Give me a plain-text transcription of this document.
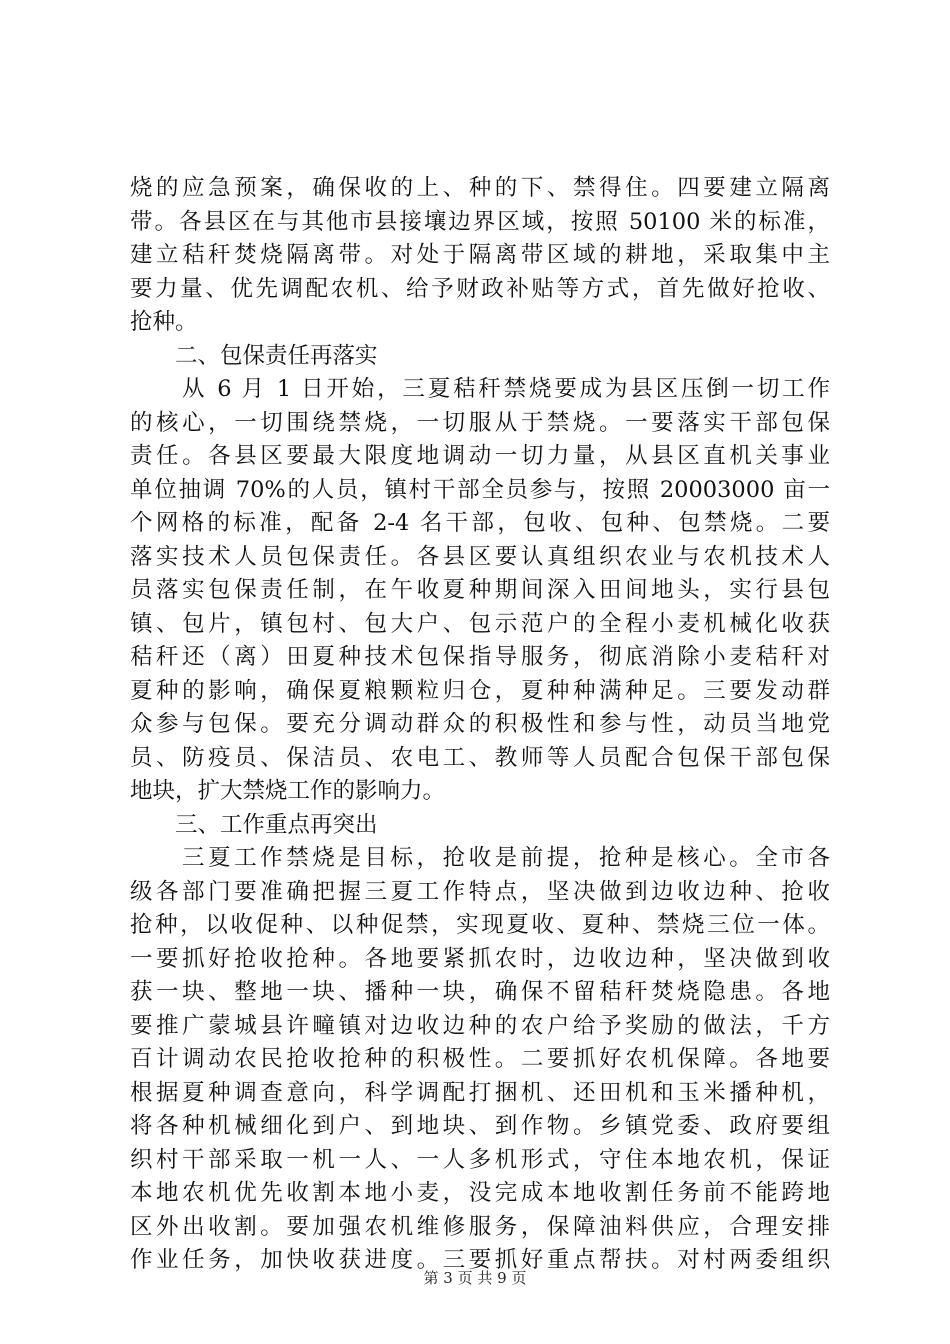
烧的应急预案，确保收的上、种的下、禁得住。四要建立隔离
带。各县区在与其他市县接壤边界区域，按照 50100 米的标准，
建立秸秆焚烧隔离带。对处于隔离带区域的耕地，采取集中主
要力量、优先调配农机、给予财政补贴等方式，首先做好抢收、
抢种。
二、包保责任再落实
从 6 月 1 日开始，三夏秸秆禁烧要成为县区压倒一切工作
的核心，一切围绕禁烧，一切服从于禁烧。一要落实干部包保
责任。各县区要最大限度地调动一切力量，从县区直机关事业
单位抽调 70%的人员，镇村干部全员参与，按照 20003000 亩一
个网格的标准，配备 2-4 名干部，包收、包种、包禁烧。二要
落实技术人员包保责任。各县区要认真组织农业与农机技术人
员落实包保责任制，在午收夏种期间深入田间地头，实行县包
镇、包片，镇包村、包大户、包示范户的全程小麦机械化收获
秸秆还（离）田夏种技术包保指导服务，彻底消除小麦秸秆对
夏种的影响，确保夏粮颗粒归仓，夏种种满种足。三要发动群
众参与包保。要充分调动群众的积极性和参与性，动员当地党
员、防疫员、保洁员、农电工、教师等人员配合包保干部包保
地块，扩大禁烧工作的影响力。
三、工作重点再突出
三夏工作禁烧是目标，抢收是前提，抢种是核心。全市各
级各部门要准确把握三夏工作特点，坚决做到边收边种、抢收
抢种，以收促种、以种促禁，实现夏收、夏种、禁烧三位一体。
一要抓好抢收抢种。各地要紧抓农时，边收边种，坚决做到收
获一块、整地一块、播种一块，确保不留秸秆焚烧隐患。各地
要推广蒙城县许疃镇对边收边种的农户给予奖励的做法，千方
百计调动农民抢收抢种的积极性。二要抓好农机保障。各地要
根据夏种调查意向，科学调配打捆机、还田机和玉米播种机，
将各种机械细化到户、到地块、到作物。乡镇党委、政府要组
织村干部采取一机一人、一人多机形式，守住本地农机，保证
本地农机优先收割本地小麦，没完成本地收割任务前不能跨地
区外出收割。要加强农机维修服务，保障油料供应，合理安排
作业任务，加快收获进度。三要抓好重点帮扶。对村两委组织
第 3 页 共 9 页
